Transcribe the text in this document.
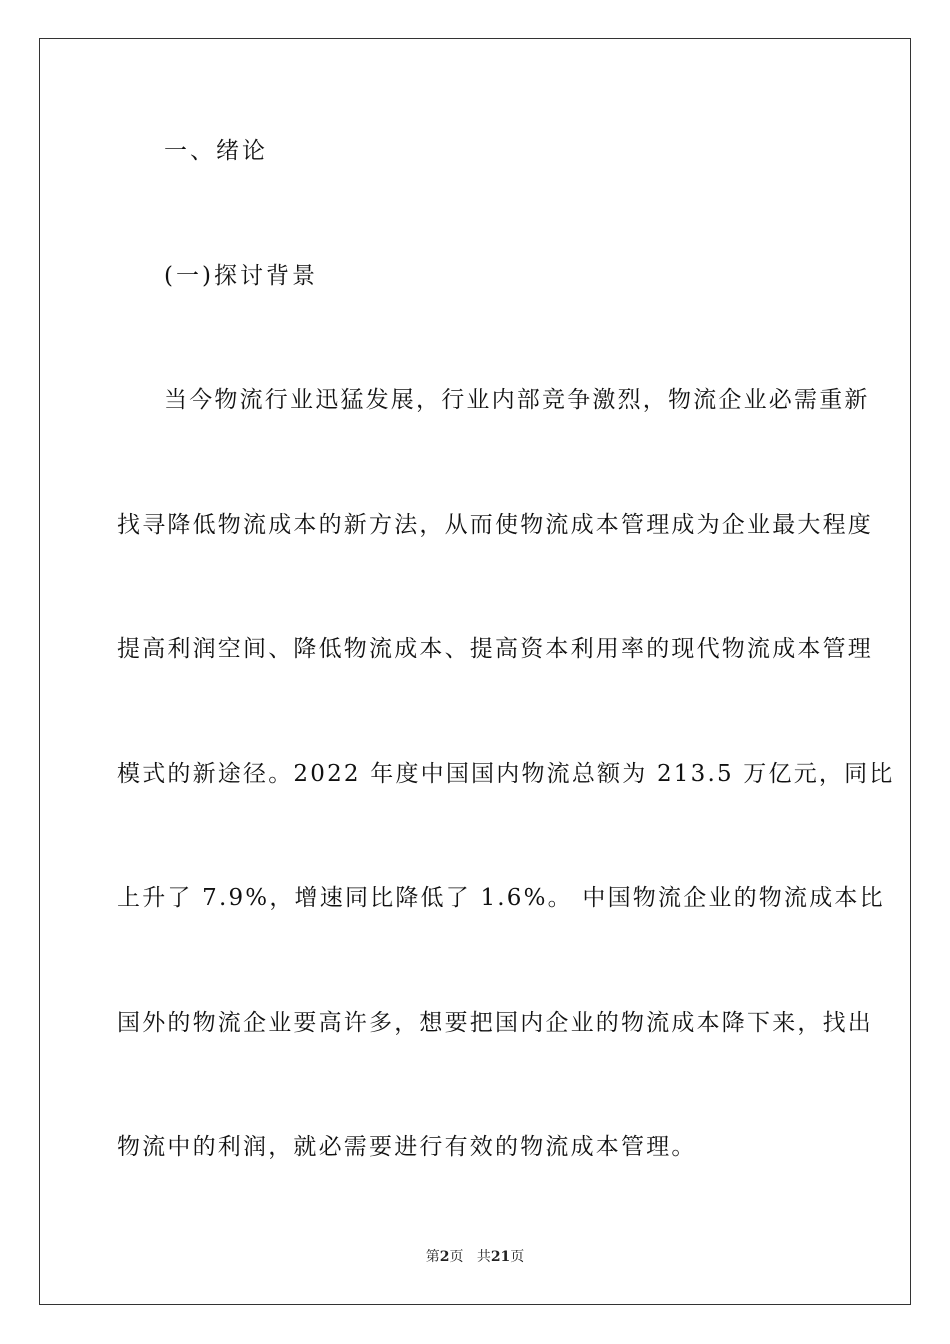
一、绪论
(一)探讨背景
当今物流行业迅猛发展，行业内部竞争激烈，物流企业必需重新
找寻降低物流成本的新方法，从而使物流成本管理成为企业最大程度
提高利润空间、降低物流成本、提高资本利用率的现代物流成本管理
模式的新途径。2022 年度中国国内物流总额为 213.5 万亿元，同比
上升了 7.9%，增速同比降低了 1.6%。 中国物流企业的物流成本比
国外的物流企业要高许多，想要把国内企业的物流成本降下来，找出
物流中的利润，就必需要进行有效的物流成本管理。
第2页 共21页
